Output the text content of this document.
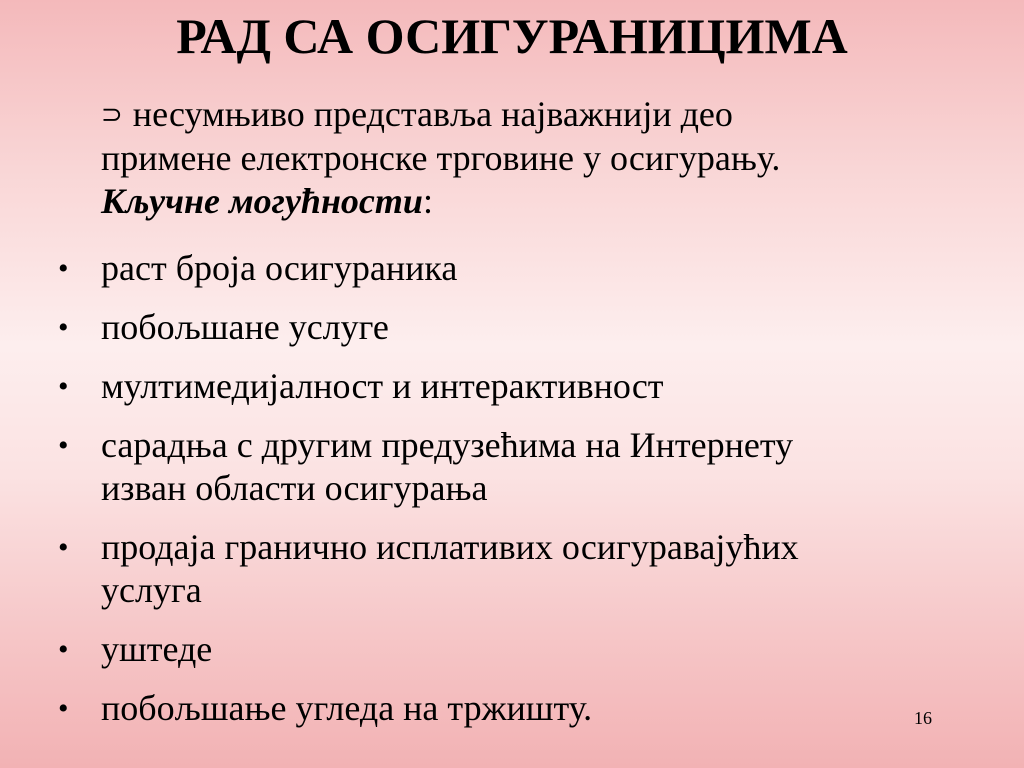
РАД СА ОСИГУРАНИЦИМА
⊃ несумњиво представља најважнији део
примене електронске трговине у осигурању.
Кључне могућности:
• раст броја осигураника
• побољшане услуге
• мултимедијалност и интерактивност
• сарадња с другим предузећима на Интернету
изван области осигурања
• продаја гранично исплативих осигуравајућих
услуга
• уштеде
• побољшање угледа на тржишту.	16
